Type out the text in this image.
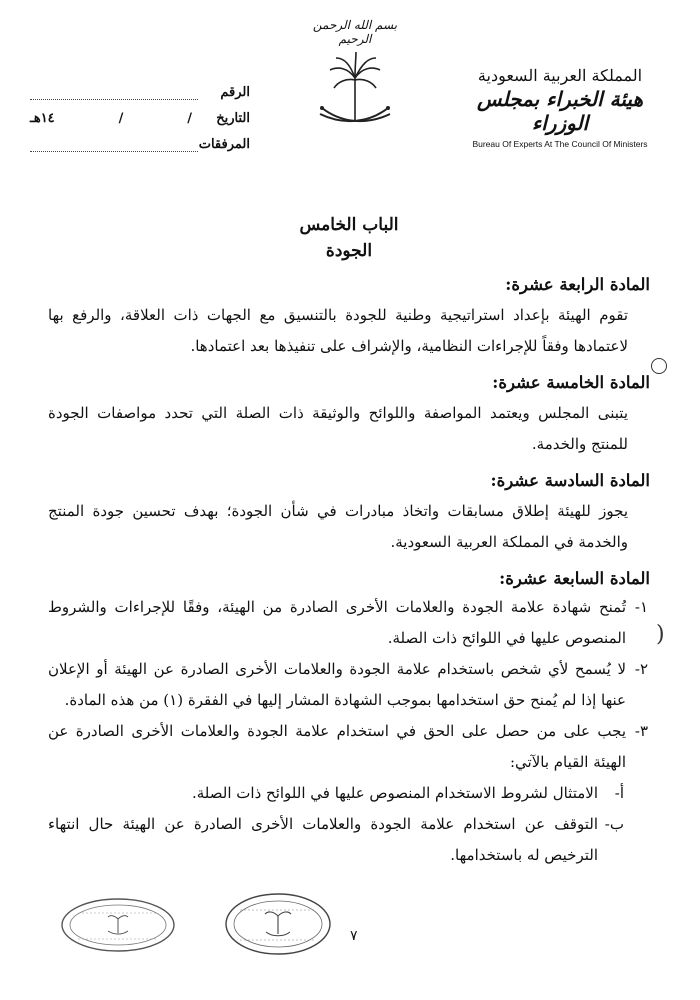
المملكة العربية السعودية
هيئة الخبراء بمجلس الوزراء
Bureau Of Experts At The Council Of Ministers
بسم الله الرحمن الرحيم
الرقم
التاريخ
/
/
١٤هـ
المرفقات
)
الباب الخامس
الجودة
المادة الرابعة عشرة:

تقوم الهيئة بإعداد استراتيجية وطنية للجودة بالتنسيق مع الجهات ذات العلاقة، والرفع بها لاعتمادها وفقاً للإجراءات النظامية، والإشراف على تنفيذها بعد اعتمادها.

المادة الخامسة عشرة:

يتبنى المجلس ويعتمد المواصفة واللوائح والوثيقة ذات الصلة التي تحدد مواصفات الجودة للمنتج والخدمة.

المادة السادسة عشرة:

يجوز للهيئة إطلاق مسابقات واتخاذ مبادرات في شأن الجودة؛ بهدف تحسين جودة المنتج والخدمة في المملكة العربية السعودية.

المادة السابعة عشرة:
١-
تُمنح شهادة علامة الجودة والعلامات الأخرى الصادرة من الهيئة، وفقًا للإجراءات والشروط المنصوص عليها في اللوائح ذات الصلة.
٢-
لا يُسمح لأي شخص باستخدام علامة الجودة والعلامات الأخرى الصادرة عن الهيئة أو الإعلان عنها إذا لم يُمنح حق استخدامها بموجب الشهادة المشار إليها في الفقرة (١) من هذه المادة.
٣-
يجب على من حصل على الحق في استخدام علامة الجودة والعلامات الأخرى الصادرة عن الهيئة القيام بالآتي:
أ-
الامتثال لشروط الاستخدام المنصوص عليها في اللوائح ذات الصلة.
ب-
التوقف عن استخدام علامة الجودة والعلامات الأخرى الصادرة عن الهيئة حال انتهاء الترخيص له باستخدامها.
٧
